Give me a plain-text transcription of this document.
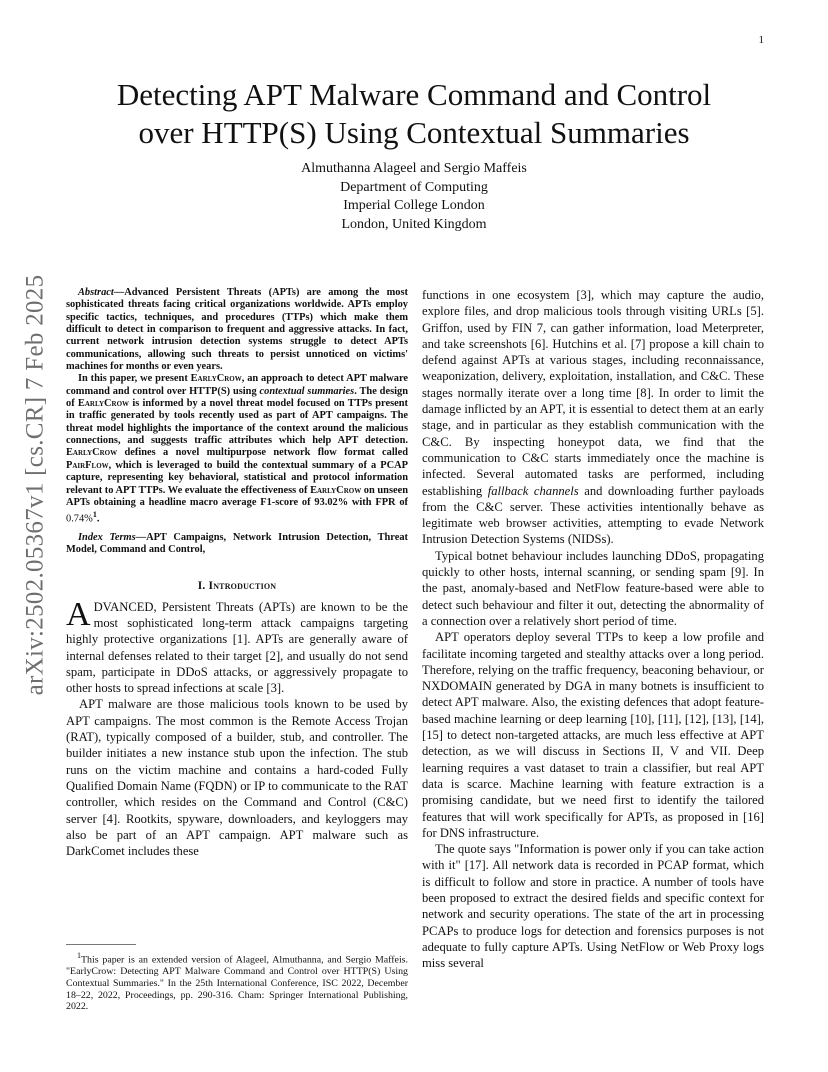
1
arXiv:2502.05367v1 [cs.CR] 7 Feb 2025
Detecting APT Malware Command and Control
over HTTP(S) Using Contextual Summaries
Almuthanna Alageel and Sergio Maffeis
Department of Computing
Imperial College London
London, United Kingdom

Abstract—Advanced Persistent Threats (APTs) are among the most sophisticated threats facing critical organizations worldwide. APTs employ specific tactics, techniques, and procedures (TTPs) which make them difficult to detect in comparison to frequent and aggressive attacks. In fact, current network intrusion detection systems struggle to detect APTs communications, allowing such threats to persist unnoticed on victims' machines for months or even years.

In this paper, we present EarlyCrow, an approach to detect APT malware command and control over HTTP(S) using contextual summaries. The design of EarlyCrow is informed by a novel threat model focused on TTPs present in traffic generated by tools recently used as part of APT campaigns. The threat model highlights the importance of the context around the malicious connections, and suggests traffic attributes which help APT detection. EarlyCrow defines a novel multipurpose network flow format called PairFlow, which is leveraged to build the contextual summary of a PCAP capture, representing key behavioral, statistical and protocol information relevant to APT TTPs. We evaluate the effectiveness of EarlyCrow on unseen APTs obtaining a headline macro average F1-score of 93.02% with FPR of 0.74%$^1$.

Index Terms—APT Campaigns, Network Intrusion Detection, Threat Model, Command and Control,

I. Introduction

ADVANCED, Persistent Threats (APTs) are known to be the most sophisticated long-term attack campaigns targeting highly protective organizations [1]. APTs are generally aware of internal defenses related to their target [2], and usually do not send spam, participate in DDoS attacks, or aggressively propagate to other hosts to spread infections at scale [3].

APT malware are those malicious tools known to be used by APT campaigns. The most common is the Remote Access Trojan (RAT), typically composed of a builder, stub, and controller. The builder initiates a new instance stub upon the infection. The stub runs on the victim machine and contains a hard-coded Fully Qualified Domain Name (FQDN) or IP to communicate to the RAT controller, which resides on the Command and Control (C&C) server [4]. Rootkits, spyware, downloaders, and keyloggers may also be part of an APT campaign. APT malware such as DarkComet includes these

$^1$This paper is an extended version of Alageel, Almuthanna, and Sergio Maffeis. "EarlyCrow: Detecting APT Malware Command and Control over HTTP(S) Using Contextual Summaries." In the 25th International Conference, ISC 2022, December 18–22, 2022, Proceedings, pp. 290-316. Cham: Springer International Publishing, 2022.

functions in one ecosystem [3], which may capture the audio, explore files, and drop malicious tools through visiting URLs [5]. Griffon, used by FIN 7, can gather information, load Meterpreter, and take screenshots [6]. Hutchins et al. [7] propose a kill chain to defend against APTs at various stages, including reconnaissance, weaponization, delivery, exploitation, installation, and C&C. These stages normally iterate over a long time [8]. In order to limit the damage inflicted by an APT, it is essential to detect them at an early stage, and in particular as they establish communication with the C&C. By inspecting honeypot data, we find that the communication to C&C starts immediately once the machine is infected. Several automated tasks are performed, including establishing fallback channels and downloading further payloads from the C&C server. These activities intentionally behave as legitimate web browser activities, attempting to evade Network Intrusion Detection Systems (NIDSs).

Typical botnet behaviour includes launching DDoS, propagating quickly to other hosts, internal scanning, or sending spam [9]. In the past, anomaly-based and NetFlow feature-based were able to detect such behaviour and filter it out, detecting the abnormality of a connection over a relatively short period of time.

APT operators deploy several TTPs to keep a low profile and facilitate incoming targeted and stealthy attacks over a long period. Therefore, relying on the traffic frequency, beaconing behaviour, or NXDOMAIN generated by DGA in many botnets is insufficient to detect APT malware. Also, the existing defences that adopt feature-based machine learning or deep learning [10], [11], [12], [13], [14], [15] to detect non-targeted attacks, are much less effective at APT detection, as we will discuss in Sections II, V and VII. Deep learning requires a vast dataset to train a classifier, but real APT data is scarce. Machine learning with feature extraction is a promising candidate, but we need first to identify the tailored features that will work specifically for APTs, as proposed in [16] for DNS infrastructure.

The quote says "Information is power only if you can take action with it" [17]. All network data is recorded in PCAP format, which is difficult to follow and store in practice. A number of tools have been proposed to extract the desired fields and specific context for network and security operations. The state of the art in processing PCAPs to produce logs for detection and forensics purposes is not adequate to fully capture APTs. Using NetFlow or Web Proxy logs miss several
